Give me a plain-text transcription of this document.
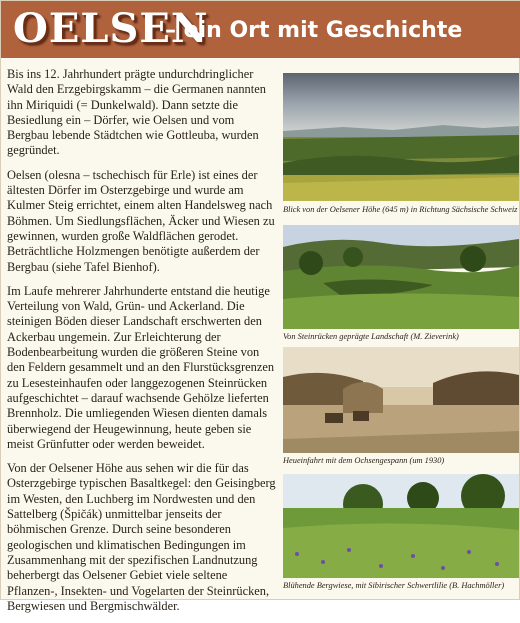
OELSEN
– ein Ort mit Geschichte

Bis ins 12. Jahrhundert prägte undurchdringlicher Wald den Erzgebirgskamm – die Germanen nannten ihn Miriquidi (= Dunkelwald). Dann setzte die Besiedlung ein – Dörfer, wie Oelsen und vom Bergbau lebende Städtchen wie Gottleuba, wurden gegründet.

Oelsen (olesna – tschechisch für Erle) ist eines der ältesten Dörfer im Osterzgebirge und wurde am Kulmer Steig errichtet, einem alten Handelsweg nach Böhmen. Um Siedlungsflächen, Äcker und Wiesen zu gewinnen, wurden große Waldflächen gerodet. Beträchtliche Holzmengen benötigte außerdem der Bergbau (siehe Tafel Bienhof).

Im Laufe mehrerer Jahrhunderte entstand die heutige Verteilung von Wald, Grün- und Ackerland. Die steinigen Böden dieser Landschaft erschwerten den Ackerbau ungemein. Zur Erleichterung der Bodenbearbeitung wurden die größeren Steine von den Feldern gesammelt und an den Flurstücksgrenzen zu Lesesteinhaufen oder langgezogenen Steinrücken aufgeschichtet – darauf wachsende Gehölze lieferten Brennholz. Die umliegenden Wiesen dienten damals überwiegend der Heugewinnung, heute geben sie meist Grünfutter oder werden beweidet.

Von der Oelsener Höhe aus sehen wir die für das Osterzgebirge typischen Basaltkegel: den Geisingberg im Westen, den Luchberg im Nordwesten und den Sattelberg (Špičák) unmittelbar jenseits der böhmischen Grenze. Durch seine besonderen geologischen und klimatischen Bedingungen im Zusammenhang mit der spezifischen Landnutzung beherbergt das Oelsener Gebiet viele seltene Pflanzen-, Insekten- und Vogelarten der Steinrücken, Bergwiesen und Bergmischwälder.

Blick von der Oelsener Höhe (645 m) in Richtung Sächsische Schweiz
Von Steinrücken geprägte Landschaft (M. Zieverink)
Heueinfahrt mit dem Ochsengespann (um 1930)
Blühende Bergwiese, mit Sibirischer Schwertlilie (B. Hachmöller)
